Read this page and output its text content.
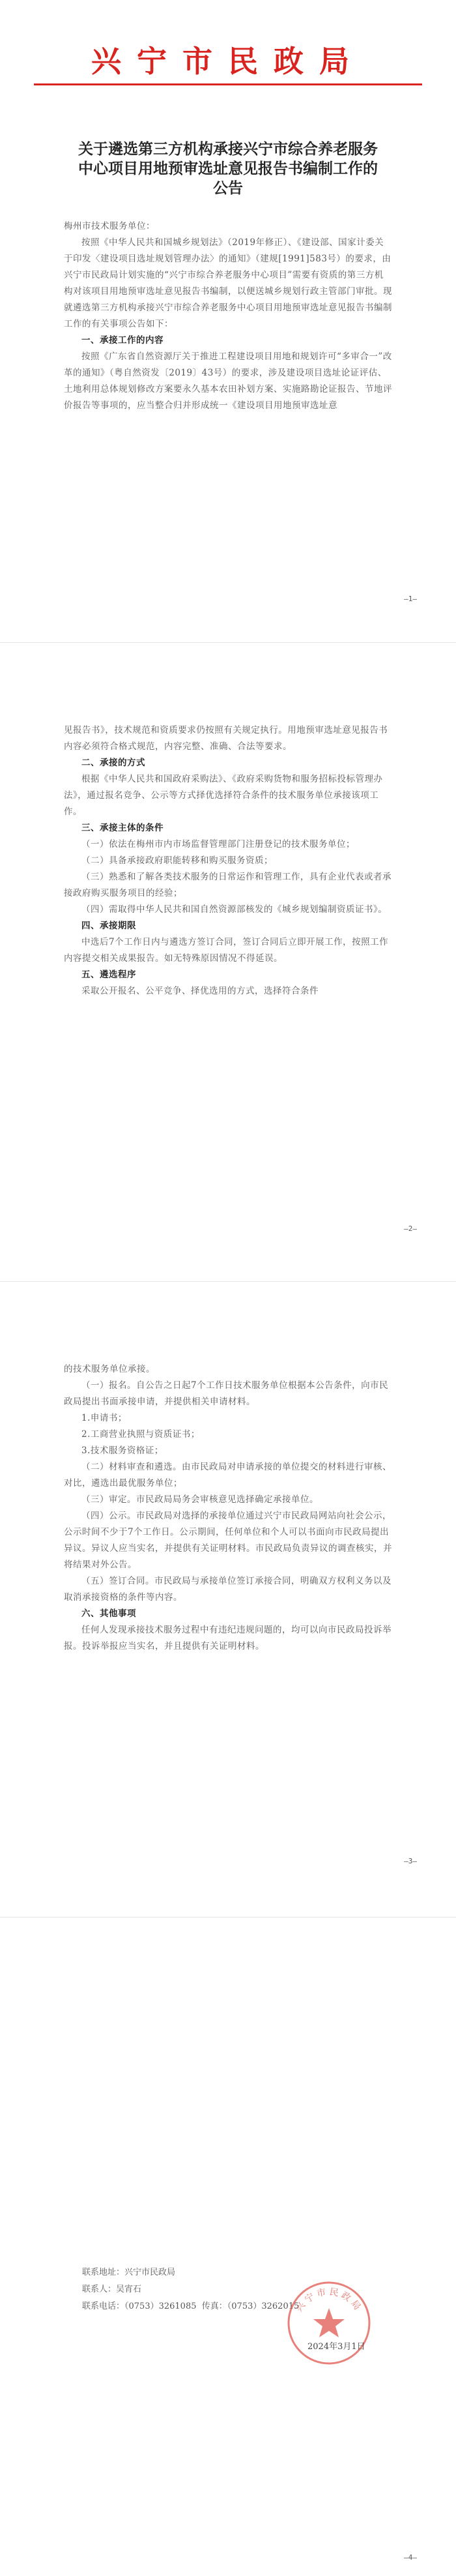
兴宁市民政局
关于遴选第三方机构承接兴宁市综合养老服务
中心项目用地预审选址意见报告书编制工作的
公告

梅州市技术服务单位：

按照《中华人民共和国城乡规划法》（2019年修正）、《建设部、国家计委关于印发〈建设项目选址规划管理办法〉的通知》（建规[1991]583号）的要求，由兴宁市民政局计划实施的“兴宁市综合养老服务中心项目”需要有资质的第三方机构对该项目用地预审选址意见报告书编制，以便送城乡规划行政主管部门审批。现就遴选第三方机构承接兴宁市综合养老服务中心项目用地预审选址意见报告书编制工作的有关事项公告如下：

一、承接工作的内容

按照《广东省自然资源厅关于推进工程建设项目用地和规划许可“多审合一”改革的通知》（粤自然资发〔2019〕43号）的要求，涉及建设项目选址论证评估、土地利用总体规划修改方案要永久基本农田补划方案、实施路勘论证报告、节地评价报告等事项的，应当整合归并形成统一《建设项目用地预审选址意

—1—

见报告书》，技术规范和资质要求仍按照有关规定执行。用地预审选址意见报告书内容必须符合格式规范，内容完整、准确、合法等要求。

二、承接的方式

根据《中华人民共和国政府采购法》、《政府采购货物和服务招标投标管理办法》，通过报名竞争、公示等方式择优选择符合条件的技术服务单位承接该项工作。

三、承接主体的条件

（一）依法在梅州市内市场监督管理部门注册登记的技术服务单位；

（二）具备承接政府职能转移和购买服务资质；

（三）熟悉和了解各类技术服务的日常运作和管理工作，具有企业代表或者承接政府购买服务项目的经验；

（四）需取得中华人民共和国自然资源部核发的《城乡规划编制资质证书》。

四、承接期限

中选后7个工作日内与遴选方签订合同，签订合同后立即开展工作，按照工作内容提交相关成果报告。如无特殊原因情况不得延误。

五、遴选程序

采取公开报名、公平竞争、择优选用的方式，选择符合条件

—2—

的技术服务单位承接。

（一）报名。自公告之日起7个工作日技术服务单位根据本公告条件，向市民政局提出书面承接申请，并提供相关申请材料。

1.申请书；

2.工商营业执照与资质证书；

3.技术服务资格证；

（二）材料审查和遴选。由市民政局对申请承接的单位提交的材料进行审核、对比，遴选出最优服务单位；

（三）审定。市民政局局务会审核意见选择确定承接单位。

（四）公示。市民政局对选择的承接单位通过兴宁市民政局网站向社会公示，公示时间不少于7个工作日。公示期间，任何单位和个人可以书面向市民政局提出异议。异议人应当实名，并提供有关证明材料。市民政局负责异议的调查核实，并将结果对外公告。

（五）签订合同。市民政局与承接单位签订承接合同，明确双方权利义务以及取消承接资格的条件等内容。

六、其他事项

任何人发现承接技术服务过程中有违纪违规问题的，均可以向市民政局投诉举报。投诉举报应当实名，并且提供有关证明材料。

—3—
联系地址：兴宁市民政局
联系人：吴宵石
联系电话：（0753）3261085 传真：（0753）3262015
兴宁市民政局
2024年3月1日
—4—
